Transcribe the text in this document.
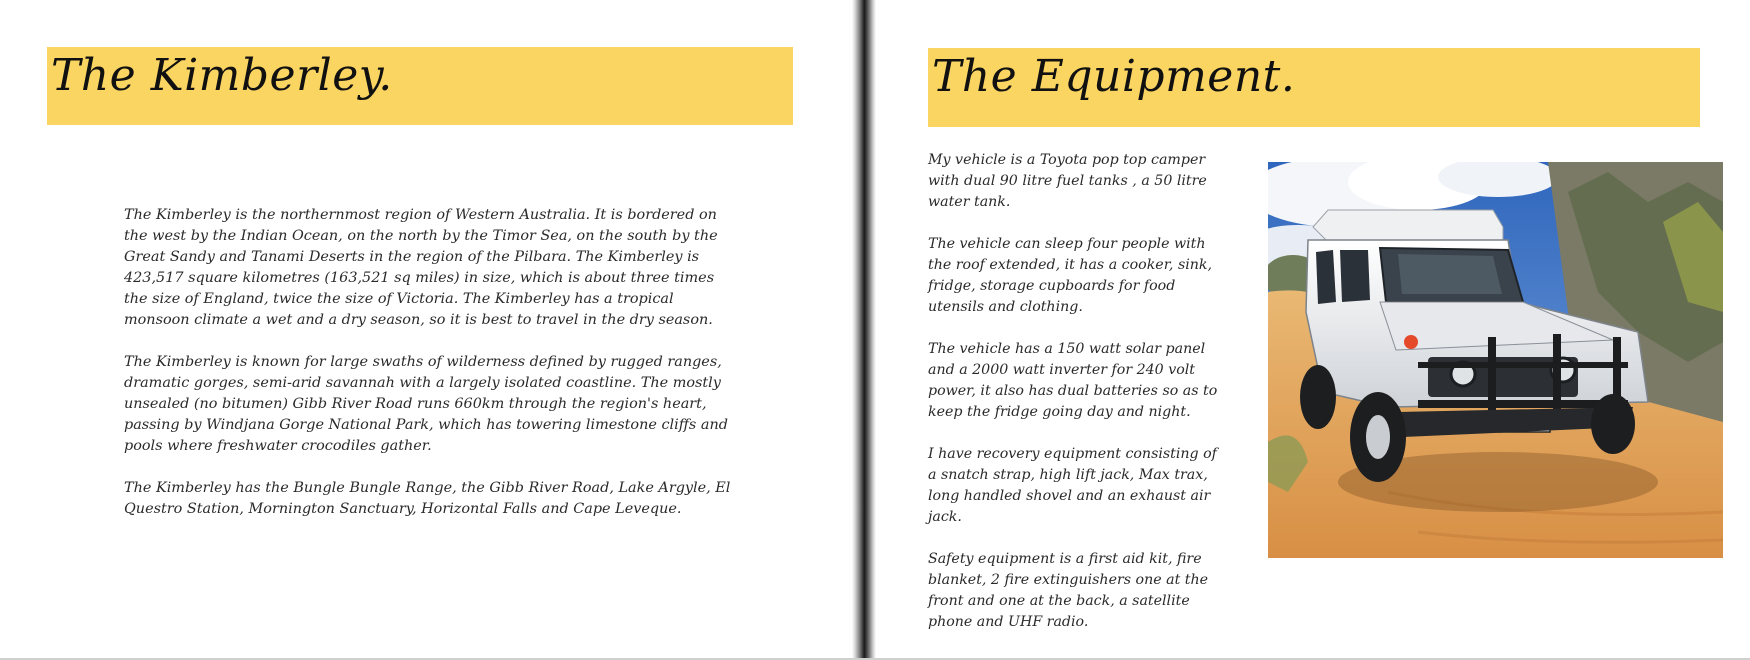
The Kimberley.

The Kimberley is the northernmost region of Western Australia. It is bordered on the west by the Indian Ocean, on the north by the Timor Sea, on the south by the Great Sandy and Tanami Deserts in the region of the Pilbara. The Kimberley is 423,517 square kilometres (163,521 sq miles) in size, which is about three times the size of England, twice the size of Victoria. The Kimberley has a tropical monsoon climate a wet and a dry season, so it is best to travel in the dry season.

The Kimberley is known for large swaths of wilderness defined by rugged ranges, dramatic gorges, semi-arid savannah with a largely isolated coastline. The mostly unsealed (no bitumen) Gibb River Road runs 660km through the region's heart, passing by Windjana Gorge National Park, which has towering limestone cliffs and pools where freshwater crocodiles gather.

The Kimberley has the Bungle Bungle Range, the Gibb River Road, Lake Argyle, El Questro Station, Mornington Sanctuary, Horizontal Falls and Cape Leveque.

The Equipment.

My vehicle is a Toyota pop top camper with dual 90 litre fuel tanks , a 50 litre water tank.

The vehicle can sleep four people with the roof extended, it has a cooker, sink, fridge, storage cupboards for food utensils and clothing.

The vehicle has a 150 watt solar panel and a 2000 watt inverter for 240 volt power, it also has dual batteries so as to keep the fridge going day and night.

I have recovery equipment consisting of a snatch strap, high lift jack, Max trax, long handled shovel and an exhaust air jack.

Safety equipment is a first aid kit, fire blanket, 2 fire extinguishers one at the front and one at the back, a satellite phone and UHF radio.
